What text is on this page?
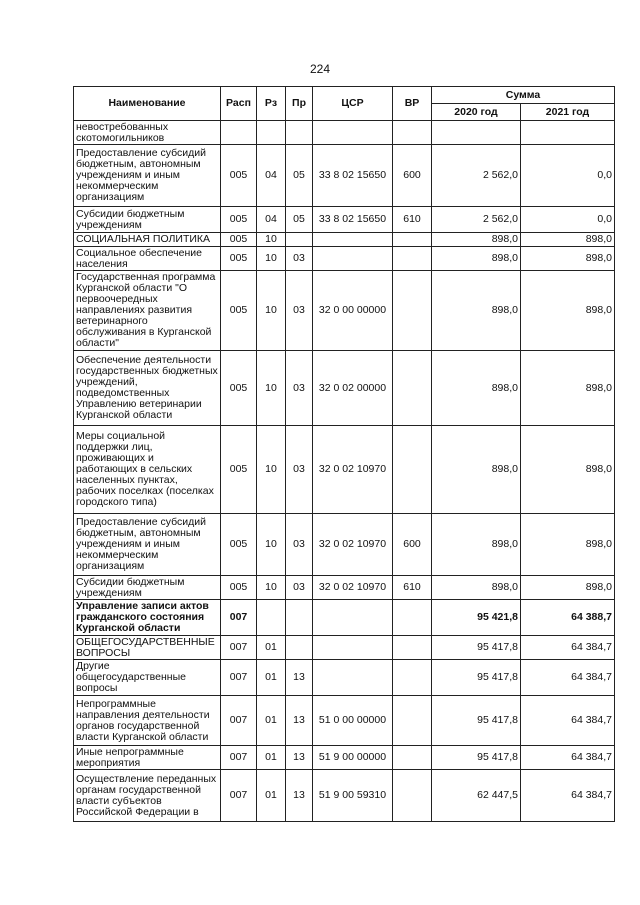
224
Наименование	Расп	Рз	Пр	ЦСР	ВР	Сумма	
						2020 год	2021 год
невостребованных скотомогильников							
Предоставление субсидий бюджетным, автономным учреждениям и иным некоммерческим организациям	005	04	05	33 8 02 15650	600	2 562,0	0,0
Субсидии бюджетным учреждениям	005	04	05	33 8 02 15650	610	2 562,0	0,0
СОЦИАЛЬНАЯ ПОЛИТИКА	005	10				898,0	898,0
Социальное обеспечение населения	005	10	03			898,0	898,0
Государственная программа Курганской области "О первоочередных направлениях развития ветеринарного обслуживания в Курганской области"	005	10	03	32 0 00 00000		898,0	898,0
Обеспечение деятельности государственных бюджетных учреждений, подведомственных Управлению ветеринарии Курганской области	005	10	03	32 0 02 00000		898,0	898,0
Меры социальной поддержки лиц, проживающих и работающих в сельских населенных пунктах, рабочих поселках (поселках городского типа)	005	10	03	32 0 02 10970		898,0	898,0
Предоставление субсидий бюджетным, автономным учреждениям и иным некоммерческим организациям	005	10	03	32 0 02 10970	600	898,0	898,0
Субсидии бюджетным учреждениям	005	10	03	32 0 02 10970	610	898,0	898,0
Управление записи актов гражданского состояния Курганской области	007					95 421,8	64 388,7
ОБЩЕГОСУДАРСТВЕННЫЕ ВОПРОСЫ	007	01				95 417,8	64 384,7
Другие общегосударственные вопросы	007	01	13			95 417,8	64 384,7
Непрограммные направления деятельности органов государственной власти Курганской области	007	01	13	51 0 00 00000		95 417,8	64 384,7
Иные непрограммные мероприятия	007	01	13	51 9 00 00000		95 417,8	64 384,7
Осуществление переданных органам государственной власти субъектов Российской Федерации в	007	01	13	51 9 00 59310		62 447,5	64 384,7
